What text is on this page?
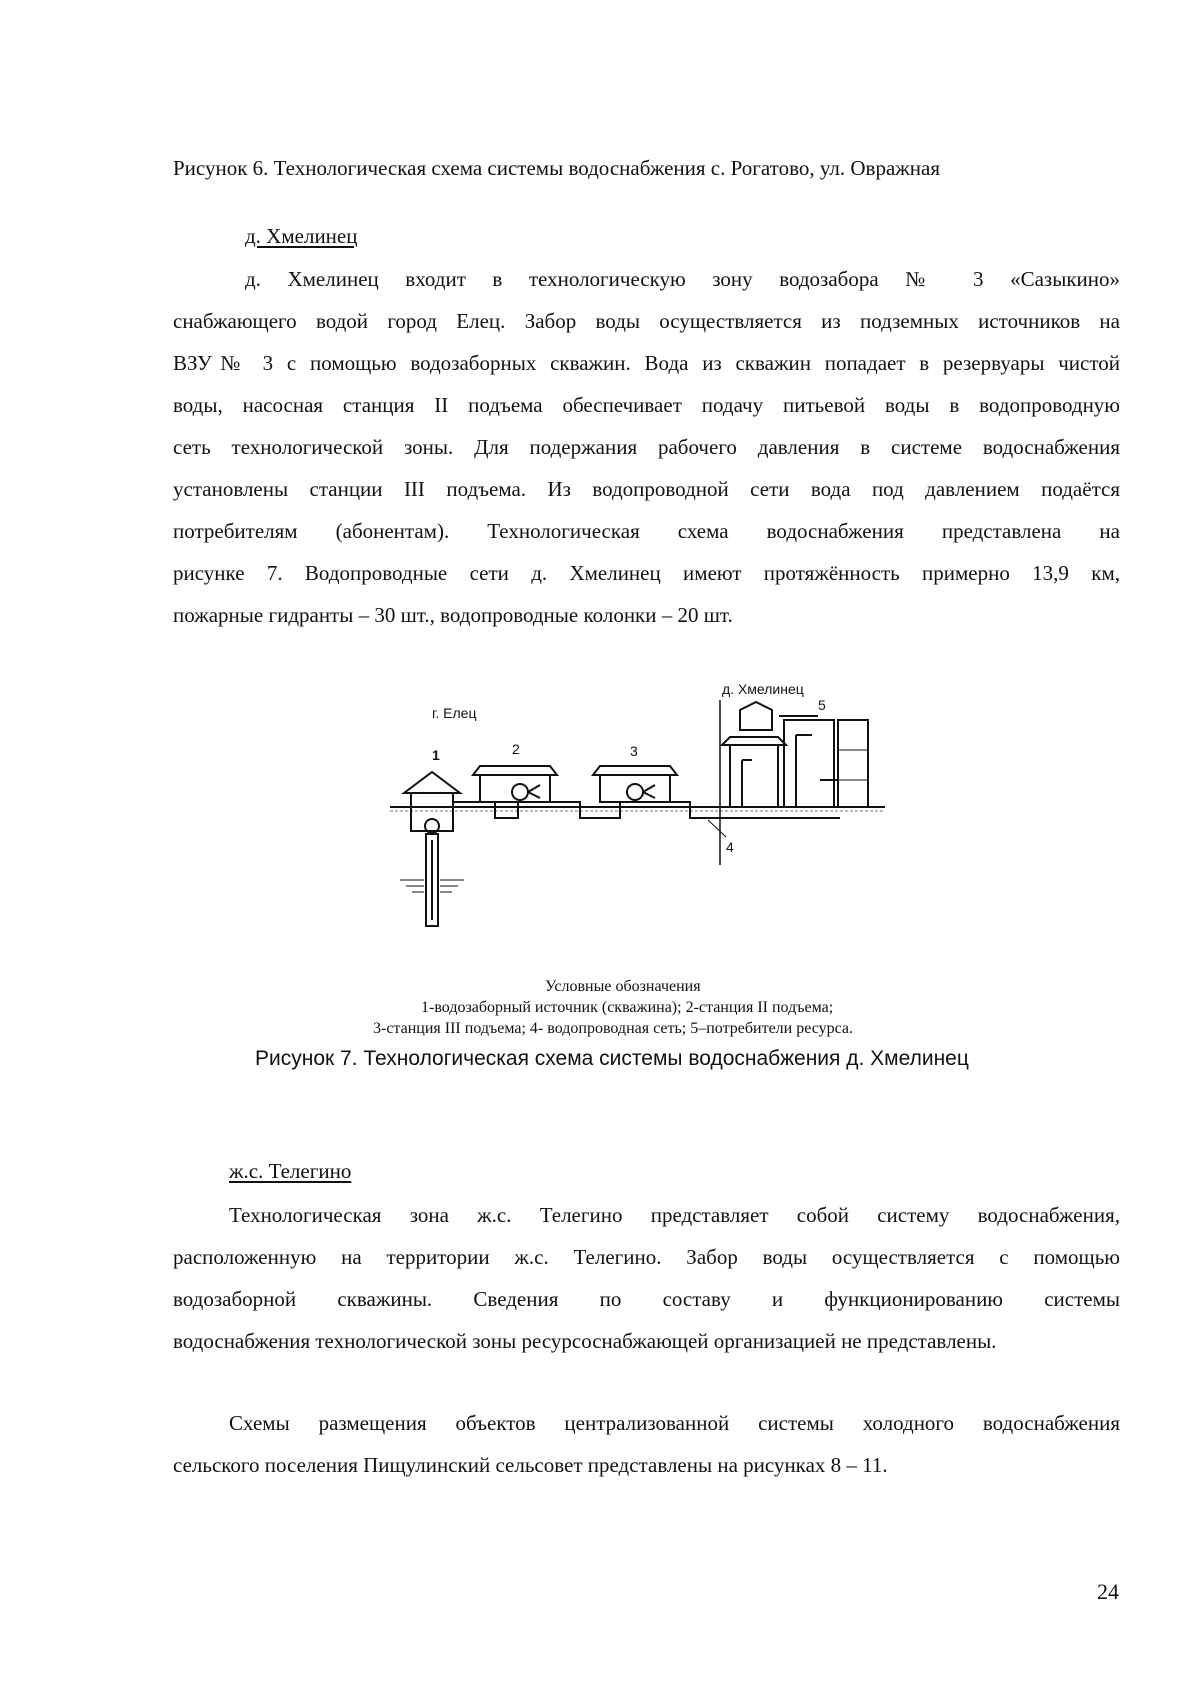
Рисунок 6. Технологическая схема системы водоснабжения с. Рогатово, ул. Овражная
д. Хмелинец
д. Хмелинец входит в технологическую зону водозабора № 3 «Сазыкино»
снабжающего водой город Елец. Забор воды осуществляется из подземных источников на
ВЗУ№ 3 с помощью водозаборных скважин. Вода из скважин попадает в резервуары чистой
воды, насосная станция II подъема обеспечивает подачу питьевой воды в водопроводную
сеть технологической зоны. Для подержания рабочего давления в системе водоснабжения
установлены станции III подъема. Из водопроводной сети вода под давлением подаётся
потребителям (абонентам). Технологическая схема водоснабжения представлена на
рисунке 7. Водопроводные сети д. Хмелинец имеют протяжённость примерно 13,9 км,
пожарные гидранты – 30 шт., водопроводные колонки – 20 шт.
г. Елец
д. Хмелинец
1	2	3
4
5
Условные обозначения
1-водозаборный источник (скважина); 2-станция II подъема;
3-станция III подъема; 4- водопроводная сеть; 5–потребители ресурса.
Рисунок 7. Технологическая схема системы водоснабжения д. Хмелинец
ж.с. Телегино
Технологическая зона ж.с. Телегино представляет собой систему водоснабжения,
расположенную на территории ж.с. Телегино. Забор воды осуществляется с помощью
водозаборной скважины. Сведения по составу и функционированию системы
водоснабжения технологической зоны ресурсоснабжающей организацией не представлены.
Схемы размещения объектов централизованной системы холодного водоснабжения
сельского поселения Пищулинский сельсовет представлены на рисунках 8 – 11.
24
